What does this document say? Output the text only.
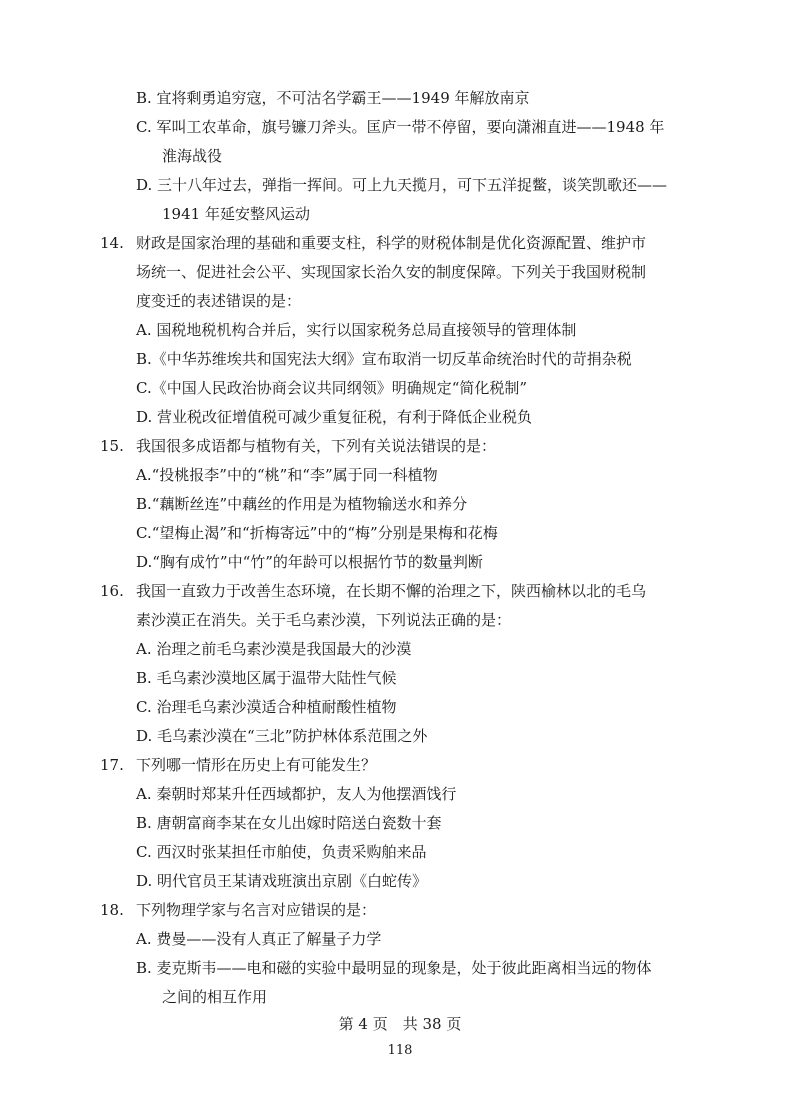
B. 宜将剩勇追穷寇，不可沽名学霸王——1949 年解放南京
C. 军叫工农革命，旗号镰刀斧头。匡庐一带不停留，要向潇湘直进——1948 年
淮海战役
D. 三十八年过去，弹指一挥间。可上九天揽月，可下五洋捉鳖，谈笑凯歌还——
1941 年延安整风运动
14. 财政是国家治理的基础和重要支柱，科学的财税体制是优化资源配置、维护市
场统一、促进社会公平、实现国家长治久安的制度保障。下列关于我国财税制
度变迁的表述错误的是：
A. 国税地税机构合并后，实行以国家税务总局直接领导的管理体制
B.《中华苏维埃共和国宪法大纲》宣布取消一切反革命统治时代的苛捐杂税
C.《中国人民政治协商会议共同纲领》明确规定“简化税制”
D. 营业税改征增值税可减少重复征税，有利于降低企业税负
15. 我国很多成语都与植物有关，下列有关说法错误的是：
A.“投桃报李”中的“桃”和“李”属于同一科植物
B.“藕断丝连”中藕丝的作用是为植物输送水和养分
C.“望梅止渴”和“折梅寄远”中的“梅”分别是果梅和花梅
D.“胸有成竹”中“竹”的年龄可以根据竹节的数量判断
16. 我国一直致力于改善生态环境，在长期不懈的治理之下，陕西榆林以北的毛乌
素沙漠正在消失。关于毛乌素沙漠，下列说法正确的是：
A. 治理之前毛乌素沙漠是我国最大的沙漠
B. 毛乌素沙漠地区属于温带大陆性气候
C. 治理毛乌素沙漠适合种植耐酸性植物
D. 毛乌素沙漠在“三北”防护林体系范围之外
17. 下列哪一情形在历史上有可能发生？
A. 秦朝时郑某升任西域都护，友人为他摆酒饯行
B. 唐朝富商李某在女儿出嫁时陪送白瓷数十套
C. 西汉时张某担任市舶使，负责采购舶来品
D. 明代官员王某请戏班演出京剧《白蛇传》
18. 下列物理学家与名言对应错误的是：
A. 费曼——没有人真正了解量子力学
B. 麦克斯韦——电和磁的实验中最明显的现象是，处于彼此距离相当远的物体
之间的相互作用
第 4 页　共 38 页
118
